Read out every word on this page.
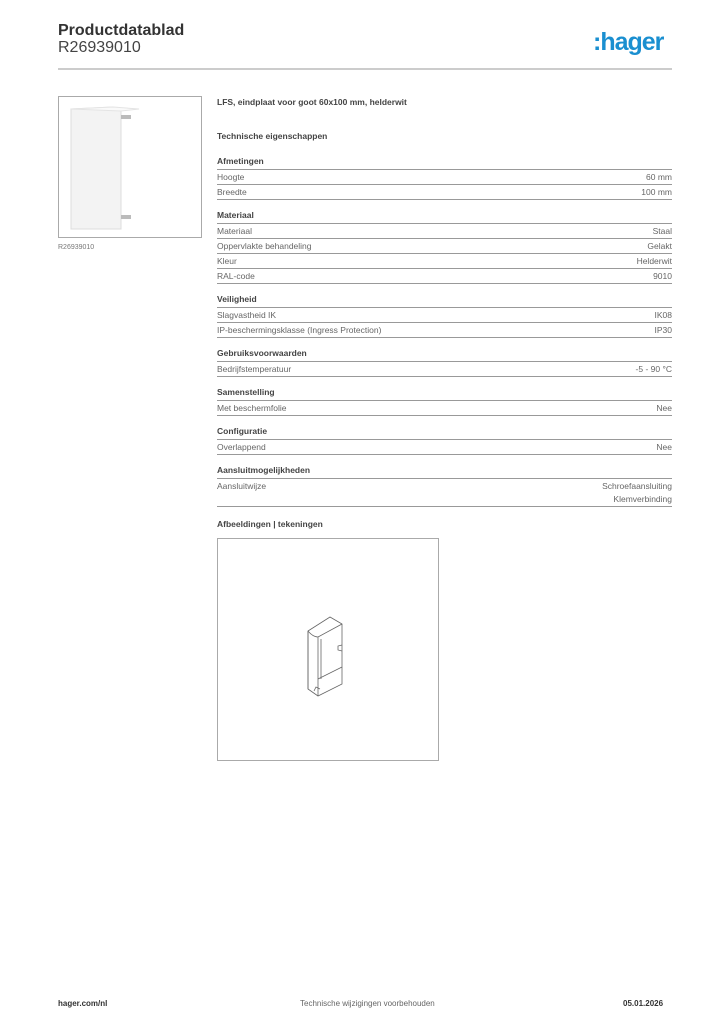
Productdatablad
R26939010	:hager
R26939010
LFS, eindplaat voor goot 60x100 mm, helderwit
Technische eigenschappen
Afmetingen
Hoogte	60 mm
Breedte	100 mm
Materiaal
Materiaal	Staal
Oppervlakte behandeling	Gelakt
Kleur	Helderwit
RAL-code	9010
Veiligheid
Slagvastheid IK	IK08
IP-beschermingsklasse (Ingress Protection)	IP30
Gebruiksvoorwaarden
Bedrijfstemperatuur	-5 - 90 °C
Samenstelling
Met beschermfolie	Nee
Configuratie
Overlappend	Nee
Aansluitmogelijkheden
Aansluitwijze	Schroefaansluiting
Klemverbinding
Afbeeldingen | tekeningen
hager.com/nl	Technische wijzigingen voorbehouden	05.01.2026
